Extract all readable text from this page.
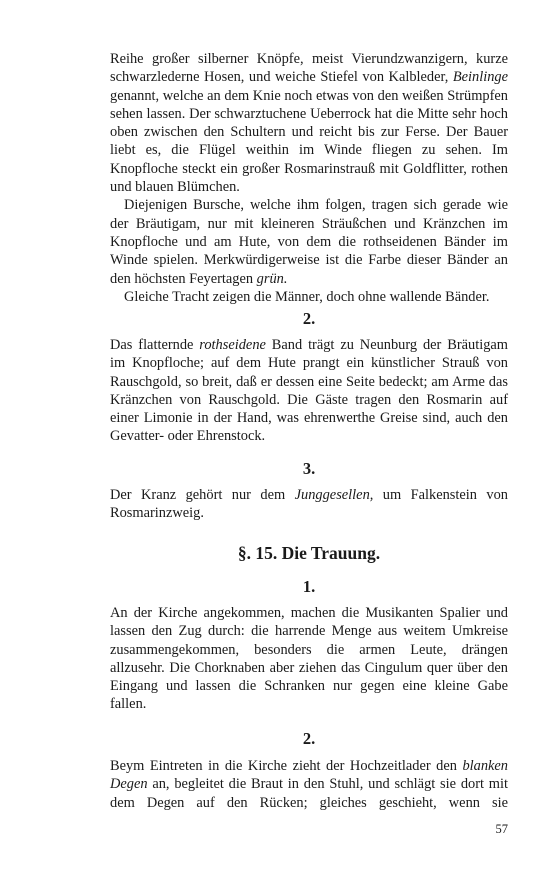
Reihe großer silberner Knöpfe, meist Vierundzwanzigern, kurze schwarzlederne Hosen, und weiche Stiefel von Kalbleder, Beinlinge genannt, welche an dem Knie noch etwas von den weißen Strümpfen sehen lassen. Der schwarztuchene Ueberrock hat die Mitte sehr hoch oben zwischen den Schultern und reicht bis zur Ferse. Der Bauer liebt es, die Flügel weithin im Winde fliegen zu sehen. Im Knopfloche steckt ein großer Rosmarinstrauß mit Goldflitter, rothen und blauen Blümchen.

Diejenigen Bursche, welche ihm folgen, tragen sich gerade wie der Bräutigam, nur mit kleineren Sträußchen und Kränzchen im Knopfloche und am Hute, von dem die rothseidenen Bänder im Winde spielen. Merkwürdigerweise ist die Farbe dieser Bänder an den höchsten Feyertagen grün.

Gleiche Tracht zeigen die Männer, doch ohne wallende Bänder.

2.

Das flatternde rothseidene Band trägt zu Neunburg der Bräutigam im Knopfloche; auf dem Hute prangt ein künstlicher Strauß von Rauschgold, so breit, daß er dessen eine Seite bedeckt; am Arme das Kränzchen von Rauschgold. Die Gäste tragen den Rosmarin auf einer Limonie in der Hand, was ehrenwerthe Greise sind, auch den Gevatter- oder Ehrenstock.

3.

Der Kranz gehört nur dem Junggesellen, um Falkenstein von Rosmarinzweig.

§. 15. Die Trauung.

1.

An der Kirche angekommen, machen die Musikanten Spalier und lassen den Zug durch: die harrende Menge aus weitem Umkreise zusammengekommen, besonders die armen Leute, drängen allzusehr. Die Chorknaben aber ziehen das Cingulum quer über den Eingang und lassen die Schranken nur gegen eine kleine Gabe fallen.

2.

Beym Eintreten in die Kirche zieht der Hochzeitlader den blanken Degen an, begleitet die Braut in den Stuhl, und schlägt sie dort mit dem Degen auf den Rücken; gleiches geschieht, wenn sie

57
